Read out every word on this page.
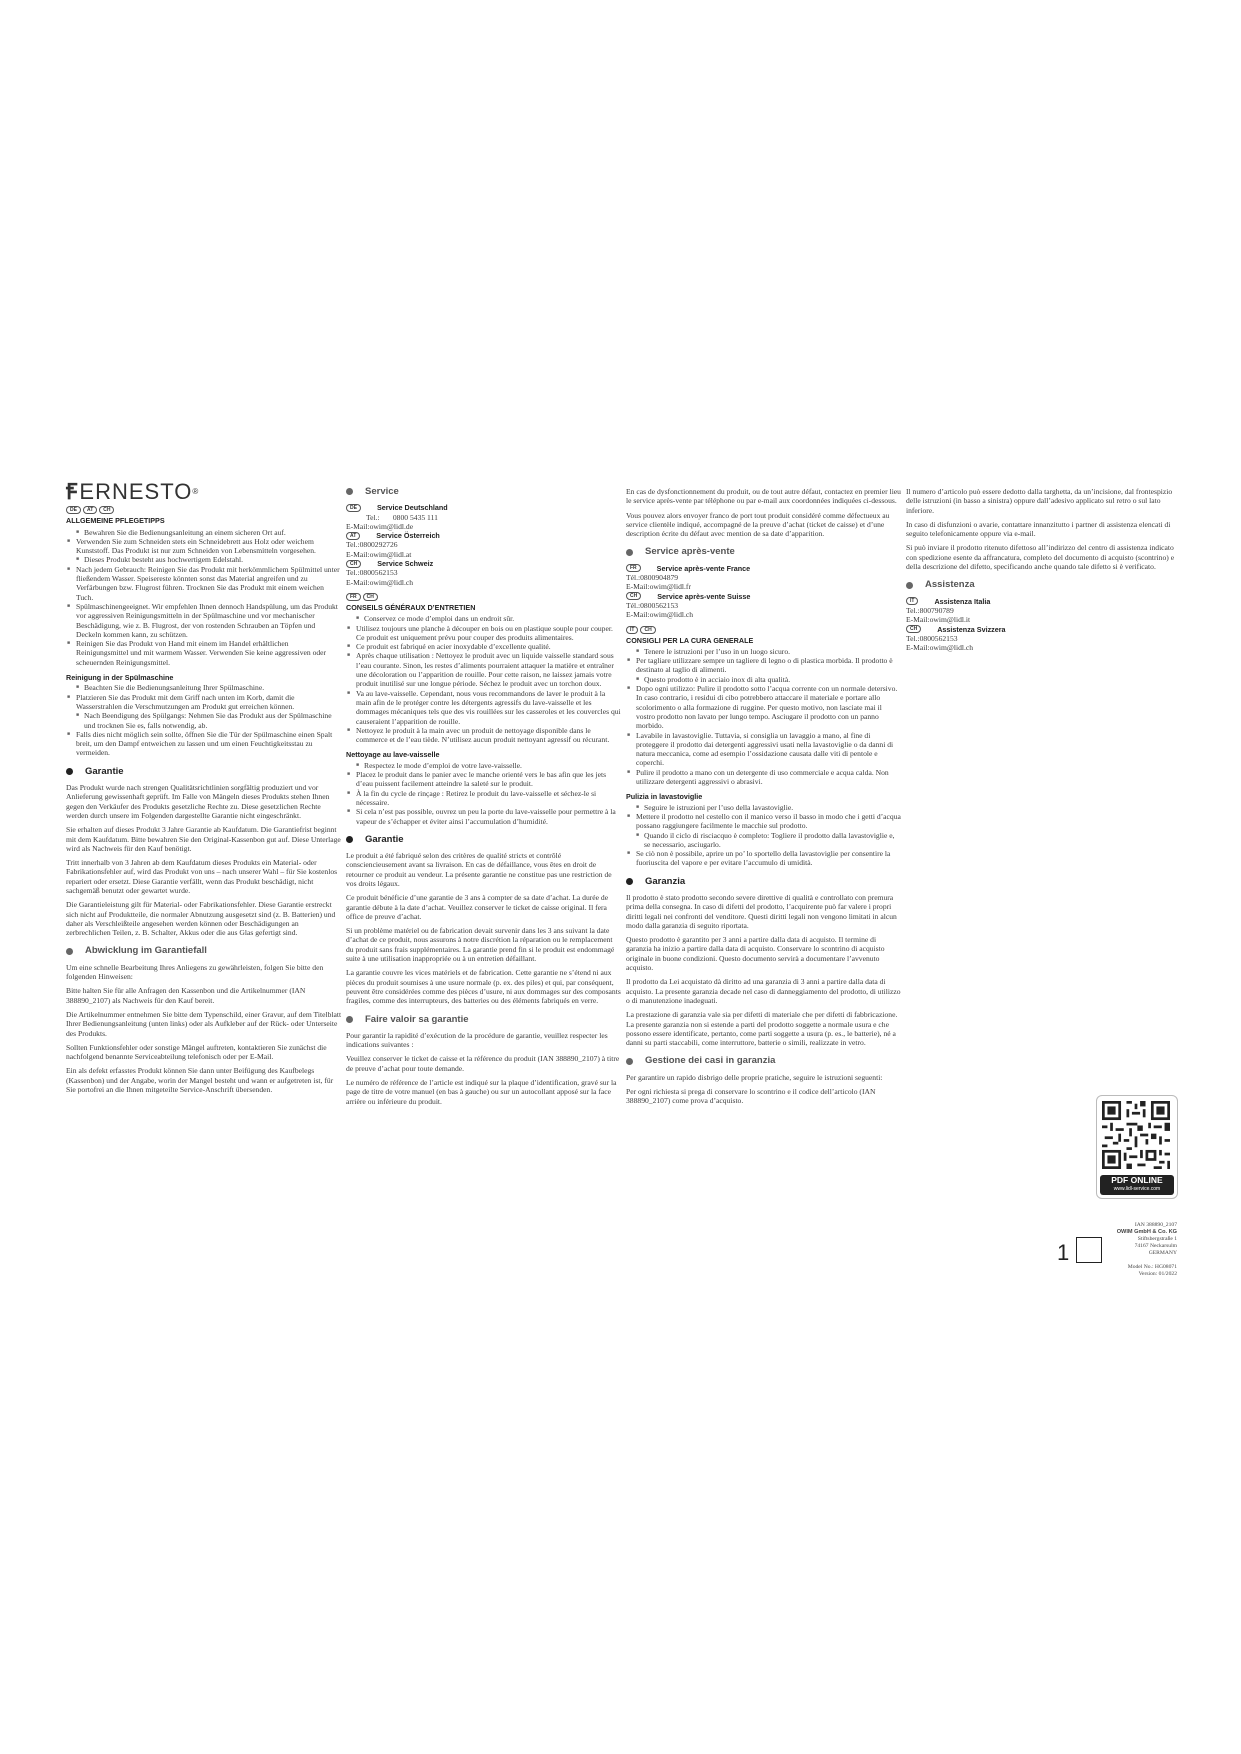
Ꞙ ERNESTO ®
DE	AT	CH
ALLGEMEINE PFLEGETIPPS
■ Bewahren Sie die Bedienungsanleitung an einem sicheren Ort auf.
■ Verwenden Sie zum Schneiden stets ein Schneidebrett aus Holz oder weichem Kunststoff. Das Produkt ist nur zum Schneiden von Lebensmitteln vorgesehen.
■ Dieses Produkt besteht aus hochwertigem Edelstahl.
■ Nach jedem Gebrauch: Reinigen Sie das Produkt mit herkömmlichem Spülmittel unter fließendem Wasser. Speisereste könnten sonst das Material angreifen und zu Verfärbungen bzw. Flugrost führen. Trocknen Sie das Produkt mit einem weichen Tuch.
■ Spülmaschinengeeignet. Wir empfehlen Ihnen dennoch Handspülung, um das Produkt vor aggressiven Reinigungsmitteln in der Spülmaschine und vor mechanischer Beschädigung, wie z. B. Flugrost, der von rostenden Schrauben an Töpfen und Deckeln kommen kann, zu schützen.
■ Reinigen Sie das Produkt von Hand mit einem im Handel erhältlichen Reinigungsmittel und mit warmem Wasser. Verwenden Sie keine aggressiven oder scheuernden Reinigungsmittel.
Reinigung in der Spülmaschine
■ Beachten Sie die Bedienungsanleitung Ihrer Spülmaschine.
■ Platzieren Sie das Produkt mit dem Griff nach unten im Korb, damit die Wasserstrahlen die Verschmutzungen am Produkt gut erreichen können.
■ Nach Beendigung des Spülgangs: Nehmen Sie das Produkt aus der Spülmaschine und trocknen Sie es, falls notwendig, ab.
■ Falls dies nicht möglich sein sollte, öffnen Sie die Tür der Spülmaschine einen Spalt breit, um den Dampf entweichen zu lassen und um einen Feuchtigkeitsstau zu vermeiden.
Garantie

Das Produkt wurde nach strengen Qualitätsrichtlinien sorgfältig produziert und vor Anlieferung gewissenhaft geprüft. Im Falle von Mängeln dieses Produkts stehen Ihnen gegen den Verkäufer des Produkts gesetzliche Rechte zu. Diese gesetzlichen Rechte werden durch unsere im Folgenden dargestellte Garantie nicht eingeschränkt.

Sie erhalten auf dieses Produkt 3 Jahre Garantie ab Kaufdatum. Die Garantiefrist beginnt mit dem Kaufdatum. Bitte bewahren Sie den Original-Kassenbon gut auf. Diese Unterlage wird als Nachweis für den Kauf benötigt.

Tritt innerhalb von 3 Jahren ab dem Kaufdatum dieses Produkts ein Material- oder Fabrikationsfehler auf, wird das Produkt von uns – nach unserer Wahl – für Sie kostenlos repariert oder ersetzt. Diese Garantie verfällt, wenn das Produkt beschädigt, nicht sachgemäß benutzt oder gewartet wurde.

Die Garantieleistung gilt für Material- oder Fabrikationsfehler. Diese Garantie erstreckt sich nicht auf Produktteile, die normaler Abnutzung ausgesetzt sind (z. B. Batterien) und daher als Verschleißteile angesehen werden können oder Beschädigungen an zerbrechlichen Teilen, z. B. Schalter, Akkus oder die aus Glas gefertigt sind.

Abwicklung im Garantiefall

Um eine schnelle Bearbeitung Ihres Anliegens zu gewährleisten, folgen Sie bitte den folgenden Hinweisen:

Bitte halten Sie für alle Anfragen den Kassenbon und die Artikelnummer (IAN 388890_2107) als Nachweis für den Kauf bereit.

Die Artikelnummer entnehmen Sie bitte dem Typenschild, einer Gravur, auf dem Titelblatt Ihrer Bedienungsanleitung (unten links) oder als Aufkleber auf der Rück- oder Unterseite des Produkts.

Sollten Funktionsfehler oder sonstige Mängel auftreten, kontaktieren Sie zunächst die nachfolgend benannte Serviceabteilung telefonisch oder per E-Mail.

Ein als defekt erfasstes Produkt können Sie dann unter Beifügung des Kaufbelegs (Kassenbon) und der Angabe, worin der Mangel besteht und wann er aufgetreten ist, für Sie portofrei an die Ihnen mitgeteilte Service-Anschrift übersenden.

Service
DE	Service Deutschland
Tel.:       0800 5435 111
E-Mail:owim@lidl.de
AT	Service Österreich
Tel.:0800292726
E-Mail:owim@lidl.at
CH	Service Schweiz
Tel.:0800562153
E-Mail:owim@lidl.ch
FR	CH
CONSEILS GÉNÉRAUX D’ENTRETIEN
■ Conservez ce mode d’emploi dans un endroit sûr.
■ Utilisez toujours une planche à découper en bois ou en plastique souple pour couper. Ce produit est uniquement prévu pour couper des produits alimentaires.
■ Ce produit est fabriqué en acier inoxydable d’excellente qualité.
■ Après chaque utilisation : Nettoyez le produit avec un liquide vaisselle standard sous l’eau courante. Sinon, les restes d’aliments pourraient attaquer la matière et entraîner une décoloration ou l’apparition de rouille. Pour cette raison, ne laissez jamais votre produit inutilisé sur une longue période. Séchez le produit avec un torchon doux.
■ Va au lave-vaisselle. Cependant, nous vous recommandons de laver le produit à la main afin de le protéger contre les détergents agressifs du lave-vaisselle et les dommages mécaniques tels que des vis rouillées sur les casseroles et les couvercles qui causeraient l’apparition de rouille.
■ Nettoyez le produit à la main avec un produit de nettoyage disponible dans le commerce et de l’eau tiède. N’utilisez aucun produit nettoyant agressif ou récurant.
Nettoyage au lave-vaisselle
■ Respectez le mode d’emploi de votre lave-vaisselle.
■ Placez le produit dans le panier avec le manche orienté vers le bas afin que les jets d’eau puissent facilement atteindre la saleté sur le produit.
■ À la fin du cycle de rinçage : Retirez le produit du lave-vaisselle et séchez-le si nécessaire.
■ Si cela n’est pas possible, ouvrez un peu la porte du lave-vaisselle pour permettre à la vapeur de s’échapper et éviter ainsi l’accumulation d’humidité.
Garantie

Le produit a été fabriqué selon des critères de qualité stricts et contrôlé consciencieusement avant sa livraison. En cas de défaillance, vous êtes en droit de retourner ce produit au vendeur. La présente garantie ne constitue pas une restriction de vos droits légaux.

Ce produit bénéficie d’une garantie de 3 ans à compter de sa date d’achat. La durée de garantie débute à la date d’achat. Veuillez conserver le ticket de caisse original. Il fera office de preuve d’achat.

Si un problème matériel ou de fabrication devait survenir dans les 3 ans suivant la date d’achat de ce produit, nous assurons à notre discrétion la réparation ou le remplacement du produit sans frais supplémentaires. La garantie prend fin si le produit est endommagé suite à une utilisation inappropriée ou à un entretien défaillant.

La garantie couvre les vices matériels et de fabrication. Cette garantie ne s’étend ni aux pièces du produit soumises à une usure normale (p. ex. des piles) et qui, par conséquent, peuvent être considérées comme des pièces d’usure, ni aux dommages sur des composants fragiles, comme des interrupteurs, des batteries ou des éléments fabriqués en verre.

Faire valoir sa garantie

Pour garantir la rapidité d’exécution de la procédure de garantie, veuillez respecter les indications suivantes :

Veuillez conserver le ticket de caisse et la référence du produit (IAN 388890_2107) à titre de preuve d’achat pour toute demande.

Le numéro de référence de l’article est indiqué sur la plaque d’identification, gravé sur la page de titre de votre manuel (en bas à gauche) ou sur un autocollant apposé sur la face arrière ou inférieure du produit.

En cas de dysfonctionnement du produit, ou de tout autre défaut, contactez en premier lieu le service après-vente par téléphone ou par e-mail aux coordonnées indiquées ci-dessous.

Vous pouvez alors envoyer franco de port tout produit considéré comme défectueux au service clientèle indiqué, accompagné de la preuve d’achat (ticket de caisse) et d’une description écrite du défaut avec mention de sa date d’apparition.

Service après-vente
FR	Service après-vente France
Tél.:0800904879
E-Mail:owim@lidl.fr
CH	Service après-vente Suisse
Tél.:0800562153
E-Mail:owim@lidl.ch
IT	CH
CONSIGLI PER LA CURA GENERALE
■ Tenere le istruzioni per l’uso in un luogo sicuro.
■ Per tagliare utilizzare sempre un tagliere di legno o di plastica morbida. Il prodotto è destinato al taglio di alimenti.
■ Questo prodotto è in acciaio inox di alta qualità.
■ Dopo ogni utilizzo: Pulire il prodotto sotto l’acqua corrente con un normale detersivo. In caso contrario, i residui di cibo potrebbero attaccare il materiale e portare allo scolorimento o alla formazione di ruggine. Per questo motivo, non lasciate mai il vostro prodotto non lavato per lungo tempo. Asciugare il prodotto con un panno morbido.
■ Lavabile in lavastoviglie. Tuttavia, si consiglia un lavaggio a mano, al fine di proteggere il prodotto dai detergenti aggressivi usati nella lavastoviglie o da danni di natura meccanica, come ad esempio l’ossidazione causata dalle viti di pentole e coperchi.
■ Pulire il prodotto a mano con un detergente di uso commerciale e acqua calda. Non utilizzare detergenti aggressivi o abrasivi.
Pulizia in lavastoviglie
■ Seguire le istruzioni per l’uso della lavastoviglie.
■ Mettere il prodotto nel cestello con il manico verso il basso in modo che i getti d’acqua possano raggiungere facilmente le macchie sul prodotto.
■ Quando il ciclo di risciacquo è completo: Togliere il prodotto dalla lavastoviglie e, se necessario, asciugarlo.
■ Se ciò non è possibile, aprire un po’ lo sportello della lavastoviglie per consentire la fuoriuscita del vapore e per evitare l’accumulo di umidità.
Garanzia

Il prodotto è stato prodotto secondo severe direttive di qualità e controllato con premura prima della consegna. In caso di difetti del prodotto, l’acquirente può far valere i propri diritti legali nei confronti del venditore. Questi diritti legali non vengono limitati in alcun modo dalla garanzia di seguito riportata.

Questo prodotto è garantito per 3 anni a partire dalla data di acquisto. Il termine di garanzia ha inizio a partire dalla data di acquisto. Conservare lo scontrino di acquisto originale in buone condizioni. Questo documento servirà a documentare l’avvenuto acquisto.

Il prodotto da Lei acquistato dà diritto ad una garanzia di 3 anni a partire dalla data di acquisto. La presente garanzia decade nel caso di danneggiamento del prodotto, di utilizzo o di manutenzione inadeguati.

La prestazione di garanzia vale sia per difetti di materiale che per difetti di fabbricazione. La presente garanzia non si estende a parti del prodotto soggette a normale usura e che possono essere identificate, pertanto, come parti soggette a usura (p. es., le batterie), né a danni su parti staccabili, come interruttore, batterie o simili, realizzate in vetro.

Gestione dei casi in garanzia

Per garantire un rapido disbrigo delle proprie pratiche, seguire le istruzioni seguenti:

Per ogni richiesta si prega di conservare lo scontrino e il codice dell’articolo (IAN 388890_2107) come prova d’acquisto.

Il numero d’articolo può essere dedotto dalla targhetta, da un’incisione, dal frontespizio delle istruzioni (in basso a sinistra) oppure dall’adesivo applicato sul retro o sul lato inferiore.

In caso di disfunzioni o avarie, contattare innanzitutto i partner di assistenza elencati di seguito telefonicamente oppure via e-mail.

Si può inviare il prodotto ritenuto difettoso all’indirizzo del centro di assistenza indicato con spedizione esente da affrancatura, completo del documento di acquisto (scontrino) e della descrizione del difetto, specificando anche quando tale difetto si è verificato.

Assistenza
IT	Assistenza Italia
Tel.:800790789
E-Mail:owim@lidl.it
CH	Assistenza Svizzera
Tel.:0800562153
E-Mail:owim@lidl.ch
PDF ONLINE
www.lidl-service.com
IAN 388890_2107
OWIM GmbH & Co. KG
Stiftsbergstraße 1
74167 Neckarsulm
GERMANY
Model No.: HG08071
Version: 01/2022
1
